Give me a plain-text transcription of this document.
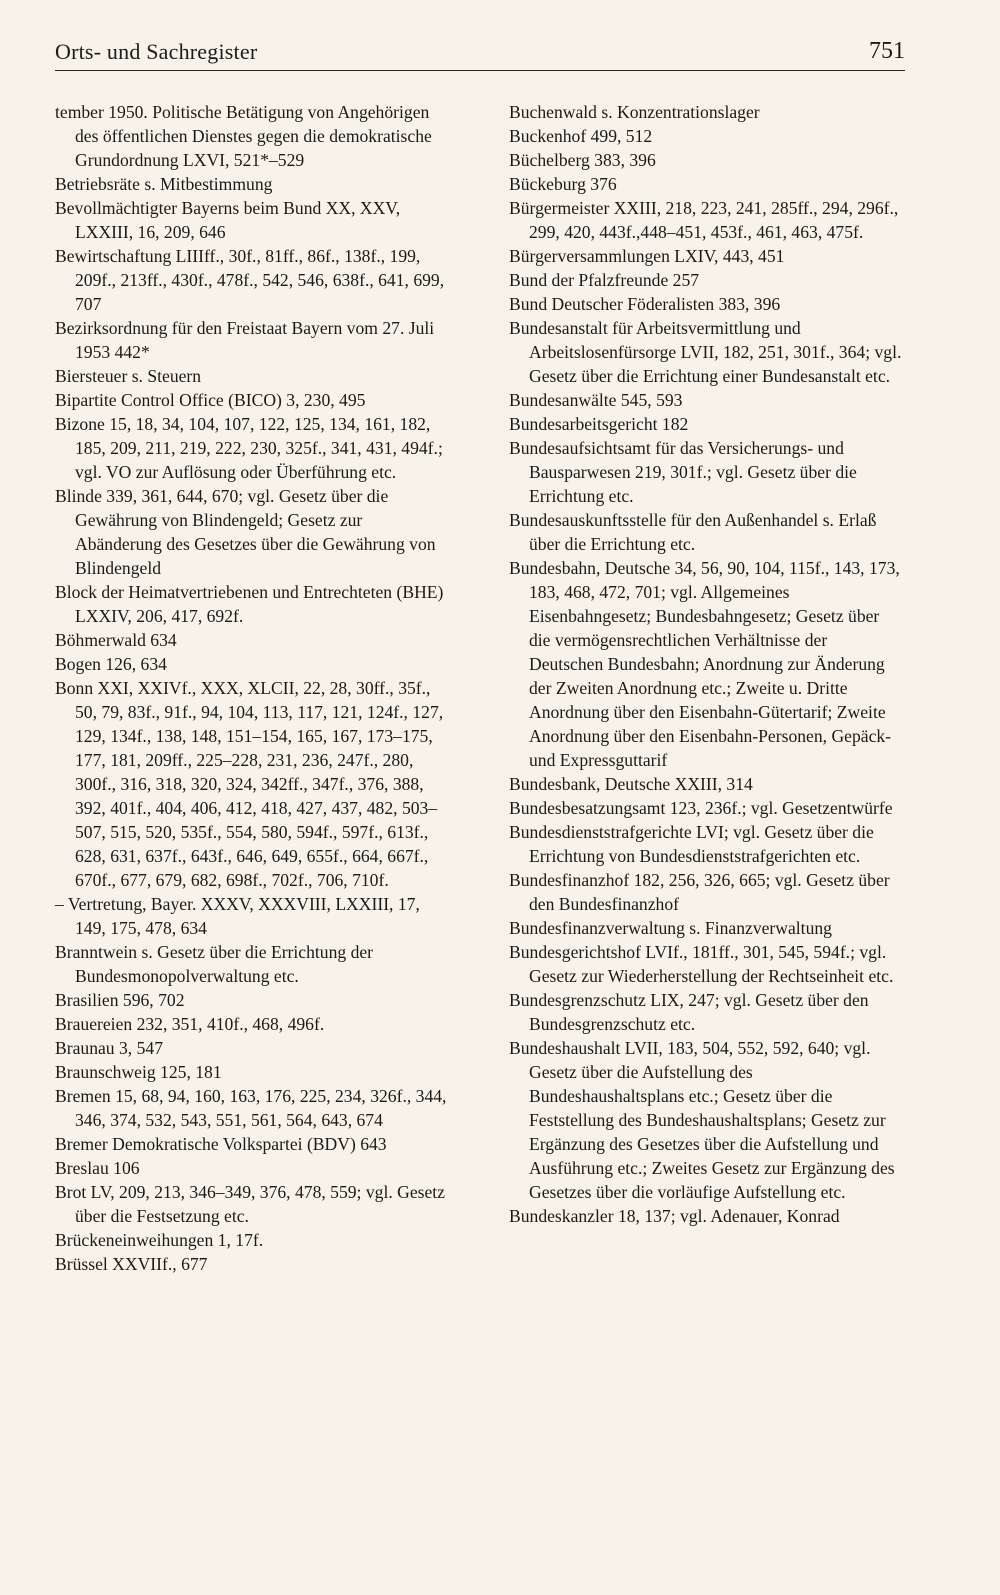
Orts- und Sachregister	751

tember 1950. Politische Betätigung von Angehörigen des öffentlichen Dienstes gegen die demokratische Grundordnung LXVI, 521*–529

Betriebsräte s. Mitbestimmung

Bevollmächtigter Bayerns beim Bund XX, XXV, LXXIII, 16, 209, 646

Bewirtschaftung LIIIff., 30f., 81ff., 86f., 138f., 199, 209f., 213ff., 430f., 478f., 542, 546, 638f., 641, 699, 707

Bezirksordnung für den Freistaat Bayern vom 27. Juli 1953 442*

Biersteuer s. Steuern

Bipartite Control Office (BICO) 3, 230, 495

Bizone 15, 18, 34, 104, 107, 122, 125, 134, 161, 182, 185, 209, 211, 219, 222, 230, 325f., 341, 431, 494f.; vgl. VO zur Auflösung oder Überführung etc.

Blinde 339, 361, 644, 670; vgl. Gesetz über die Gewährung von Blindengeld; Gesetz zur Abänderung des Gesetzes über die Gewährung von Blindengeld

Block der Heimatvertriebenen und Entrechteten (BHE) LXXIV, 206, 417, 692f.

Böhmerwald 634

Bogen 126, 634

Bonn XXI, XXIVf., XXX, XLCII, 22, 28, 30ff., 35f., 50, 79, 83f., 91f., 94, 104, 113, 117, 121, 124f., 127, 129, 134f., 138, 148, 151–154, 165, 167, 173–175, 177, 181, 209ff., 225–228, 231, 236, 247f., 280, 300f., 316, 318, 320, 324, 342ff., 347f., 376, 388, 392, 401f., 404, 406, 412, 418, 427, 437, 482, 503–507, 515, 520, 535f., 554, 580, 594f., 597f., 613f., 628, 631, 637f., 643f., 646, 649, 655f., 664, 667f., 670f., 677, 679, 682, 698f., 702f., 706, 710f.

– Vertretung, Bayer. XXXV, XXXVIII, LXXIII, 17, 149, 175, 478, 634

Branntwein s. Gesetz über die Errichtung der Bundesmonopolverwaltung etc.

Brasilien 596, 702

Brauereien 232, 351, 410f., 468, 496f.

Braunau 3, 547

Braunschweig 125, 181

Bremen 15, 68, 94, 160, 163, 176, 225, 234, 326f., 344, 346, 374, 532, 543, 551, 561, 564, 643, 674

Bremer Demokratische Volkspartei (BDV) 643

Breslau 106

Brot LV, 209, 213, 346–349, 376, 478, 559; vgl. Gesetz über die Festsetzung etc.

Brückeneinweihungen 1, 17f.

Brüssel XXVIIf., 677

Buchenwald s. Konzentrationslager

Buckenhof 499, 512

Büchelberg 383, 396

Bückeburg 376

Bürgermeister XXIII, 218, 223, 241, 285ff., 294, 296f., 299, 420, 443f.,448–451, 453f., 461, 463, 475f.

Bürgerversammlungen LXIV, 443, 451

Bund der Pfalzfreunde 257

Bund Deutscher Föderalisten 383, 396

Bundesanstalt für Arbeitsvermittlung und Arbeitslosenfürsorge LVII, 182, 251, 301f., 364; vgl. Gesetz über die Errichtung einer Bundesanstalt etc.

Bundesanwälte 545, 593

Bundesarbeitsgericht 182

Bundesaufsichtsamt für das Versicherungs- und Bausparwesen 219, 301f.; vgl. Gesetz über die Errichtung etc.

Bundesauskunftsstelle für den Außenhandel s. Erlaß über die Errichtung etc.

Bundesbahn, Deutsche 34, 56, 90, 104, 115f., 143, 173, 183, 468, 472, 701; vgl. Allgemeines Eisenbahngesetz; Bundesbahngesetz; Gesetz über die vermögensrechtlichen Verhältnisse der Deutschen Bundesbahn; Anordnung zur Änderung der Zweiten Anordnung etc.; Zweite u. Dritte Anordnung über den Eisenbahn-Gütertarif; Zweite Anordnung über den Eisenbahn-Personen, Gepäck- und Expressguttarif

Bundesbank, Deutsche XXIII, 314

Bundesbesatzungsamt 123, 236f.; vgl. Gesetzentwürfe

Bundesdienststrafgerichte LVI; vgl. Gesetz über die Errichtung von Bundesdienststrafgerichten etc.

Bundesfinanzhof 182, 256, 326, 665; vgl. Gesetz über den Bundesfinanzhof

Bundesfinanzverwaltung s. Finanzverwaltung

Bundesgerichtshof LVIf., 181ff., 301, 545, 594f.; vgl. Gesetz zur Wiederherstellung der Rechtseinheit etc.

Bundesgrenzschutz LIX, 247; vgl. Gesetz über den Bundesgrenzschutz etc.

Bundeshaushalt LVII, 183, 504, 552, 592, 640; vgl. Gesetz über die Aufstellung des Bundeshaushaltsplans etc.; Gesetz über die Feststellung des Bundeshaushaltsplans; Gesetz zur Ergänzung des Gesetzes über die Aufstellung und Ausführung etc.; Zweites Gesetz zur Ergänzung des Gesetzes über die vorläufige Aufstellung etc.

Bundeskanzler 18, 137; vgl. Adenauer, Konrad
